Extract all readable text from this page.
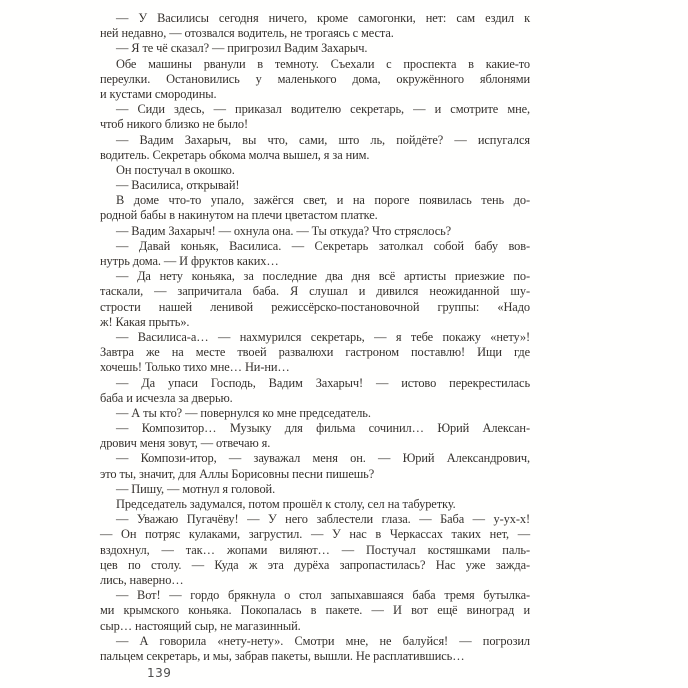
— У Василисы сегодня ничего, кроме самогонки, нет: сам ездил к
ней недавно, — отозвался водитель, не трогаясь с места.
— Я те чё сказал? — пригрозил Вадим Захарыч.
Обе машины рванули в темноту. Съехали с проспекта в какие-то
переулки. Остановились у маленького дома, окружённого яблонями
и кустами смородины.
— Сиди здесь, — приказал водителю секретарь, — и смотрите мне,
чтоб никого близко не было!
— Вадим Захарыч, вы что, сами, што ль, пойдёте? — испугался
водитель. Секретарь обкома молча вышел, я за ним.
Он постучал в окошко.
— Василиса, открывай!
В доме что-то упало, зажёгся свет, и на пороге появилась тень до-
родной бабы в накинутом на плечи цветастом платке.
— Вадим Захарыч! — охнула она. — Ты откуда? Что стряслось?
— Давай коньяк, Василиса. — Секретарь затолкал собой бабу вов-
нутрь дома. — И фруктов каких…
— Да нету коньяка, за последние два дня всё артисты приезжие по-
таскали, — запричитала баба. Я слушал и дивился неожиданной шу-
стрости нашей ленивой режиссёрско-постановочной группы: «Надо
ж! Какая прыть».
— Василиса-а… — нахмурился секретарь, — я тебе покажу «нету»!
Завтра же на месте твоей развалюхи гастроном поставлю! Ищи где
хочешь! Только тихо мне… Ни-ни…
— Да упаси Господь, Вадим Захарыч! — истово перекрестилась
баба и исчезла за дверью.
— А ты кто? — повернулся ко мне председатель.
— Композитор… Музыку для фильма сочинил… Юрий Алексан-
дрович меня зовут, — отвечаю я.
— Компози-итор, — зауважал меня он. — Юрий Александрович,
это ты, значит, для Аллы Борисовны песни пишешь?
— Пишу, — мотнул я головой.
Председатель задумался, потом прошёл к столу, сел на табуретку.
— Уважаю Пугачёву! — У него заблестели глаза. — Баба — у-ух-х!
— Он потряс кулаками, загрустил. — У нас в Черкассах таких нет, —
вздохнул, — так… жопами виляют… — Постучал костяшками паль-
цев по столу. — Куда ж эта дурёха запропастилась? Нас уже зажда-
лись, наверно…
— Вот! — гордо брякнула о стол запыхавшаяся баба тремя бутылка-
ми крымского коньяка. Покопалась в пакете. — И вот ещё виноград и
сыр… настоящий сыр, не магазинный.
— А говорила «нету-нету». Смотри мне, не балуйся! — погрозил
пальцем секретарь, и мы, забрав пакеты, вышли. Не расплатившись…
139
